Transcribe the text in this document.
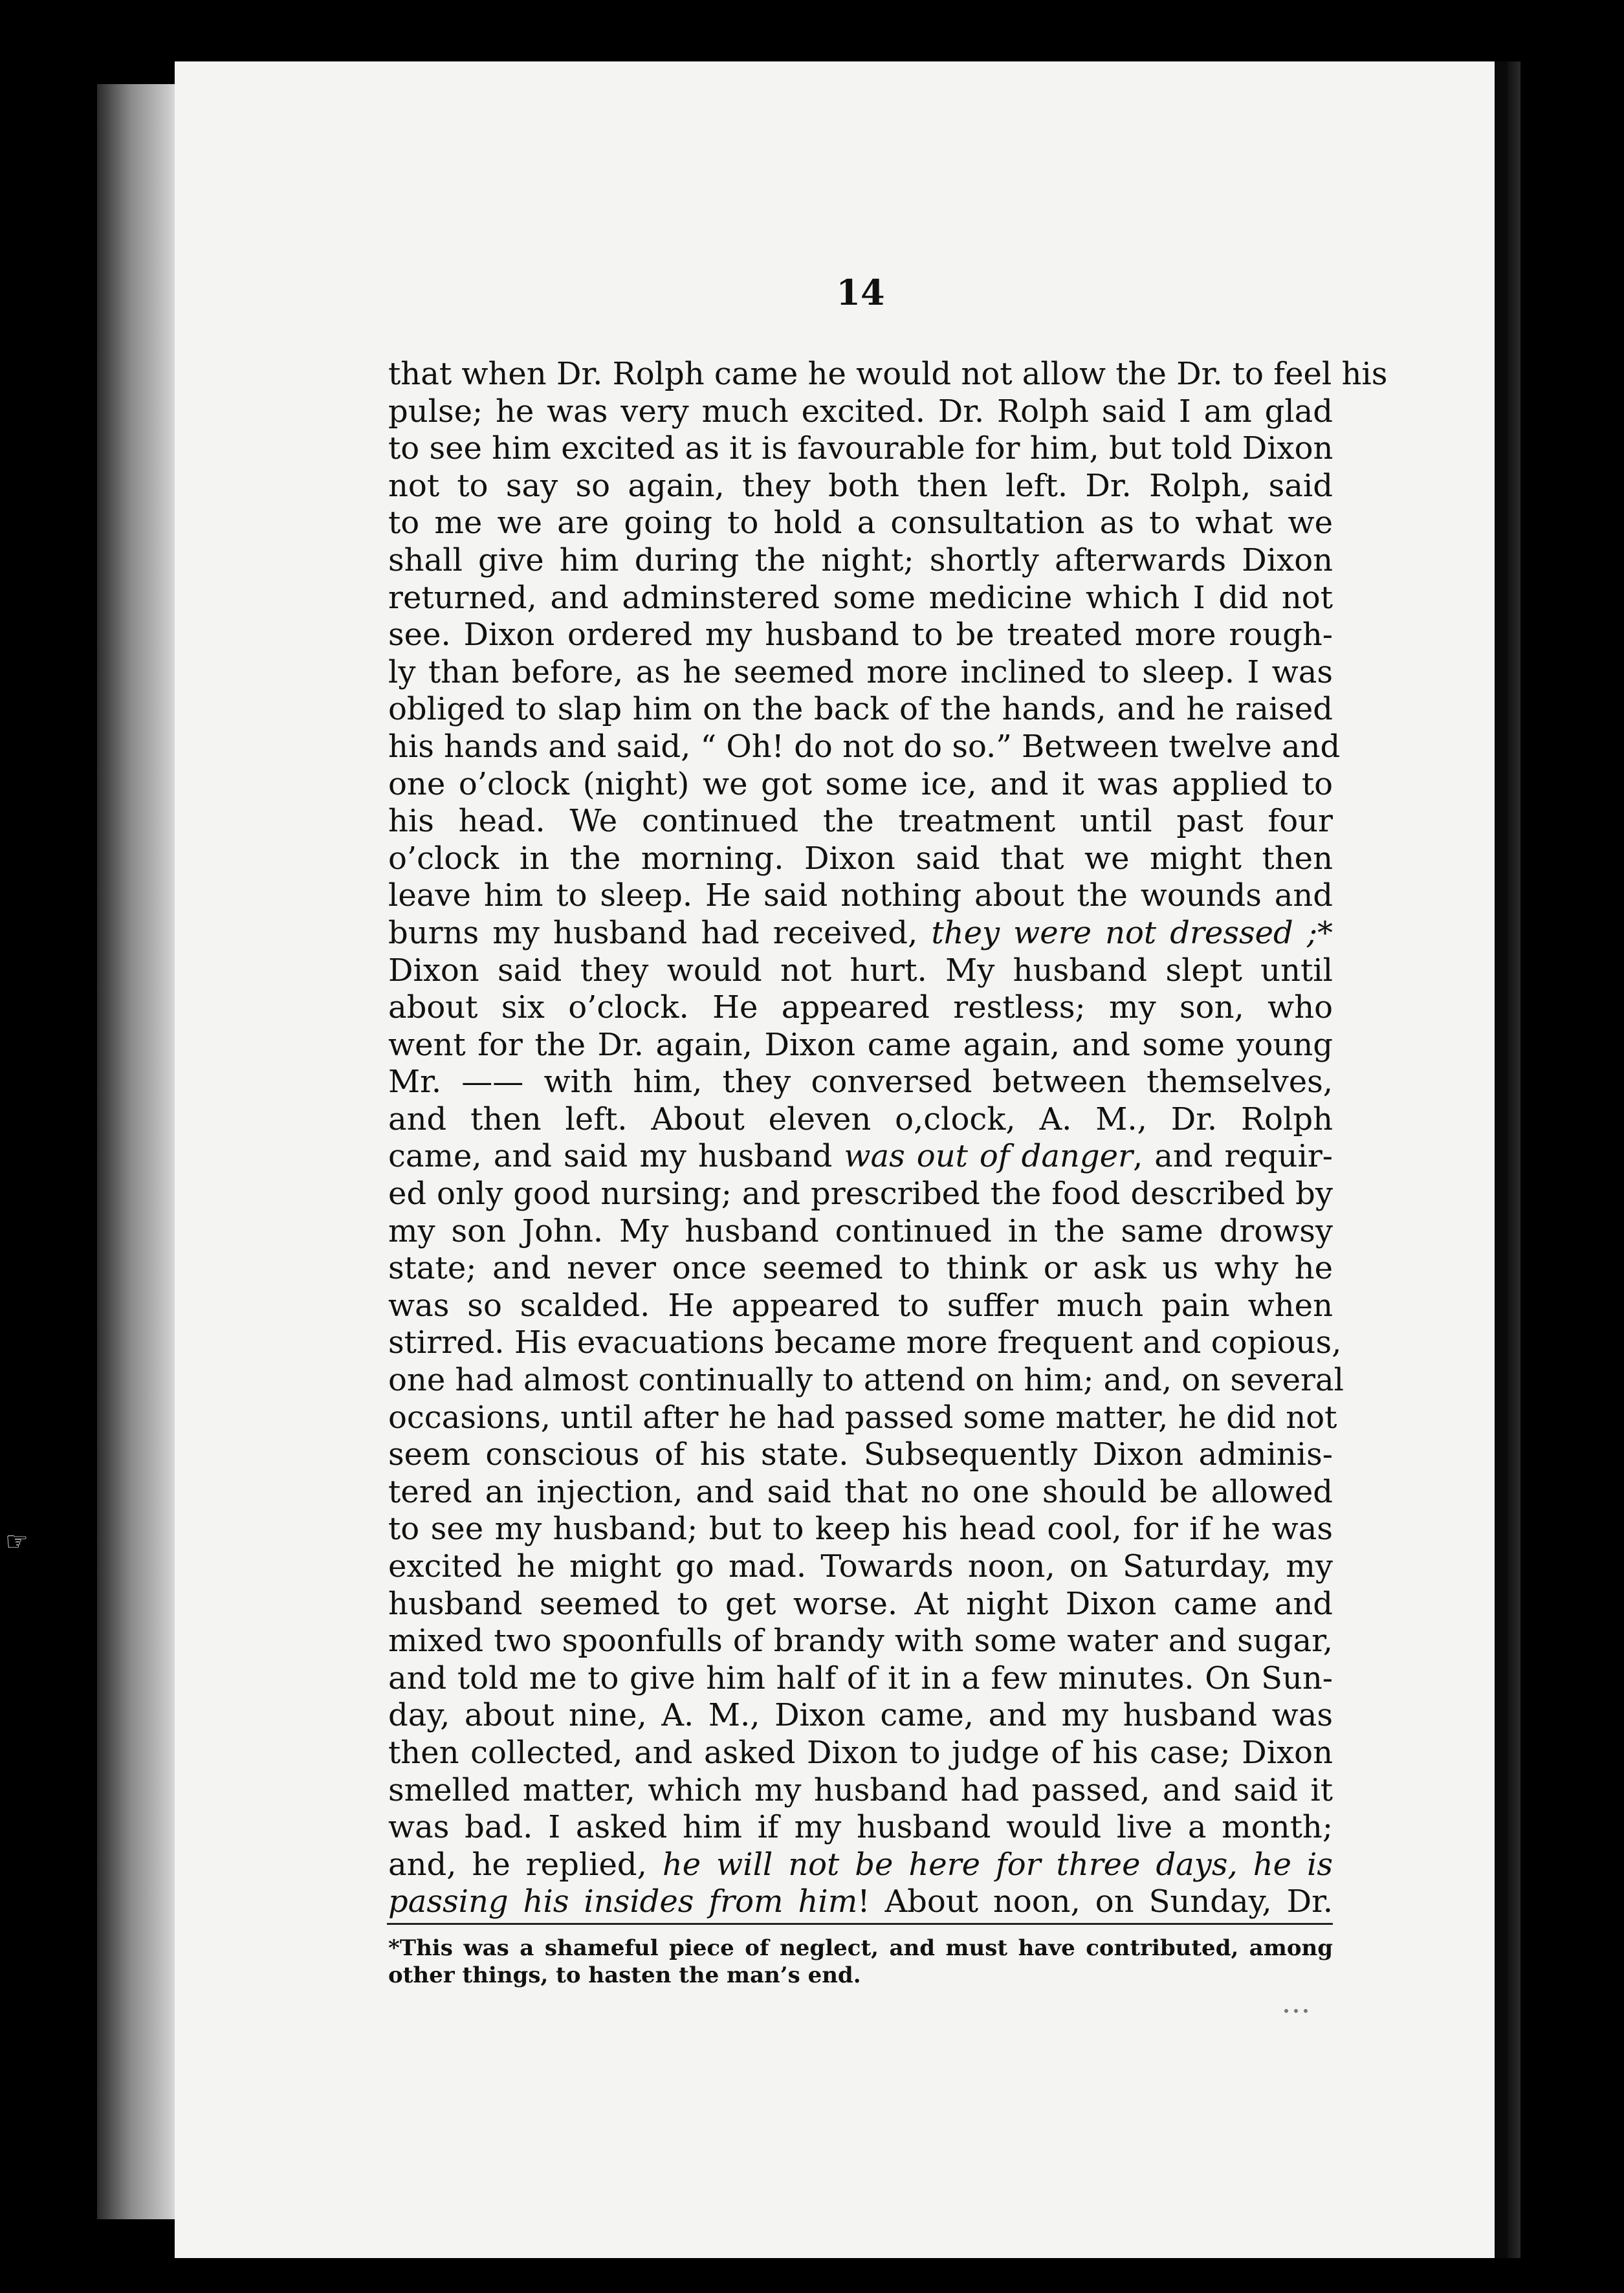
☞
14
that when Dr. Rolph came he would not allow the Dr. to feel his
pulse; he was very much excited. Dr. Rolph said I am glad
to see him excited as it is favourable for him, but told Dixon
not to say so again, they both then left. Dr. Rolph, said
to me we are going to hold a consultation as to what we
shall give him during the night; shortly afterwards Dixon
returned, and adminstered some medicine which I did not
see. Dixon ordered my husband to be treated more rough-
ly than before, as he seemed more inclined to sleep. I was
obliged to slap him on the back of the hands, and he raised
his hands and said, “ Oh! do not do so.” Between twelve and
one o’clock (night) we got some ice, and it was applied to
his head. We continued the treatment until past four
o’clock in the morning. Dixon said that we might then
leave him to sleep. He said nothing about the wounds and
burns my husband had received, they were not dressed ;*
Dixon said they would not hurt. My husband slept until
about six o’clock. He appeared restless; my son, who
went for the Dr. again, Dixon came again, and some young
Mr. —— with him, they conversed between themselves,
and then left. About eleven o,clock, A. M., Dr. Rolph
came, and said my husband was out of danger, and requir-
ed only good nursing; and prescribed the food described by
my son John. My husband continued in the same drowsy
state; and never once seemed to think or ask us why he
was so scalded. He appeared to suffer much pain when
stirred. His evacuations became more frequent and copious,
one had almost continually to attend on him; and, on several
occasions, until after he had passed some matter, he did not
seem conscious of his state. Subsequently Dixon adminis-
tered an injection, and said that no one should be allowed
to see my husband; but to keep his head cool, for if he was
excited he might go mad. Towards noon, on Saturday, my
husband seemed to get worse. At night Dixon came and
mixed two spoonfulls of brandy with some water and sugar,
and told me to give him half of it in a few minutes. On Sun-
day, about nine, A. M., Dixon came, and my husband was
then collected, and asked Dixon to judge of his case; Dixon
smelled matter, which my husband had passed, and said it
was bad. I asked him if my husband would live a month;
and, he replied, he will not be here for three days, he is
passing his insides from him! About noon, on Sunday, Dr.
*This was a shameful piece of neglect, and must have contributed, among
other things, to hasten the man’s end.
